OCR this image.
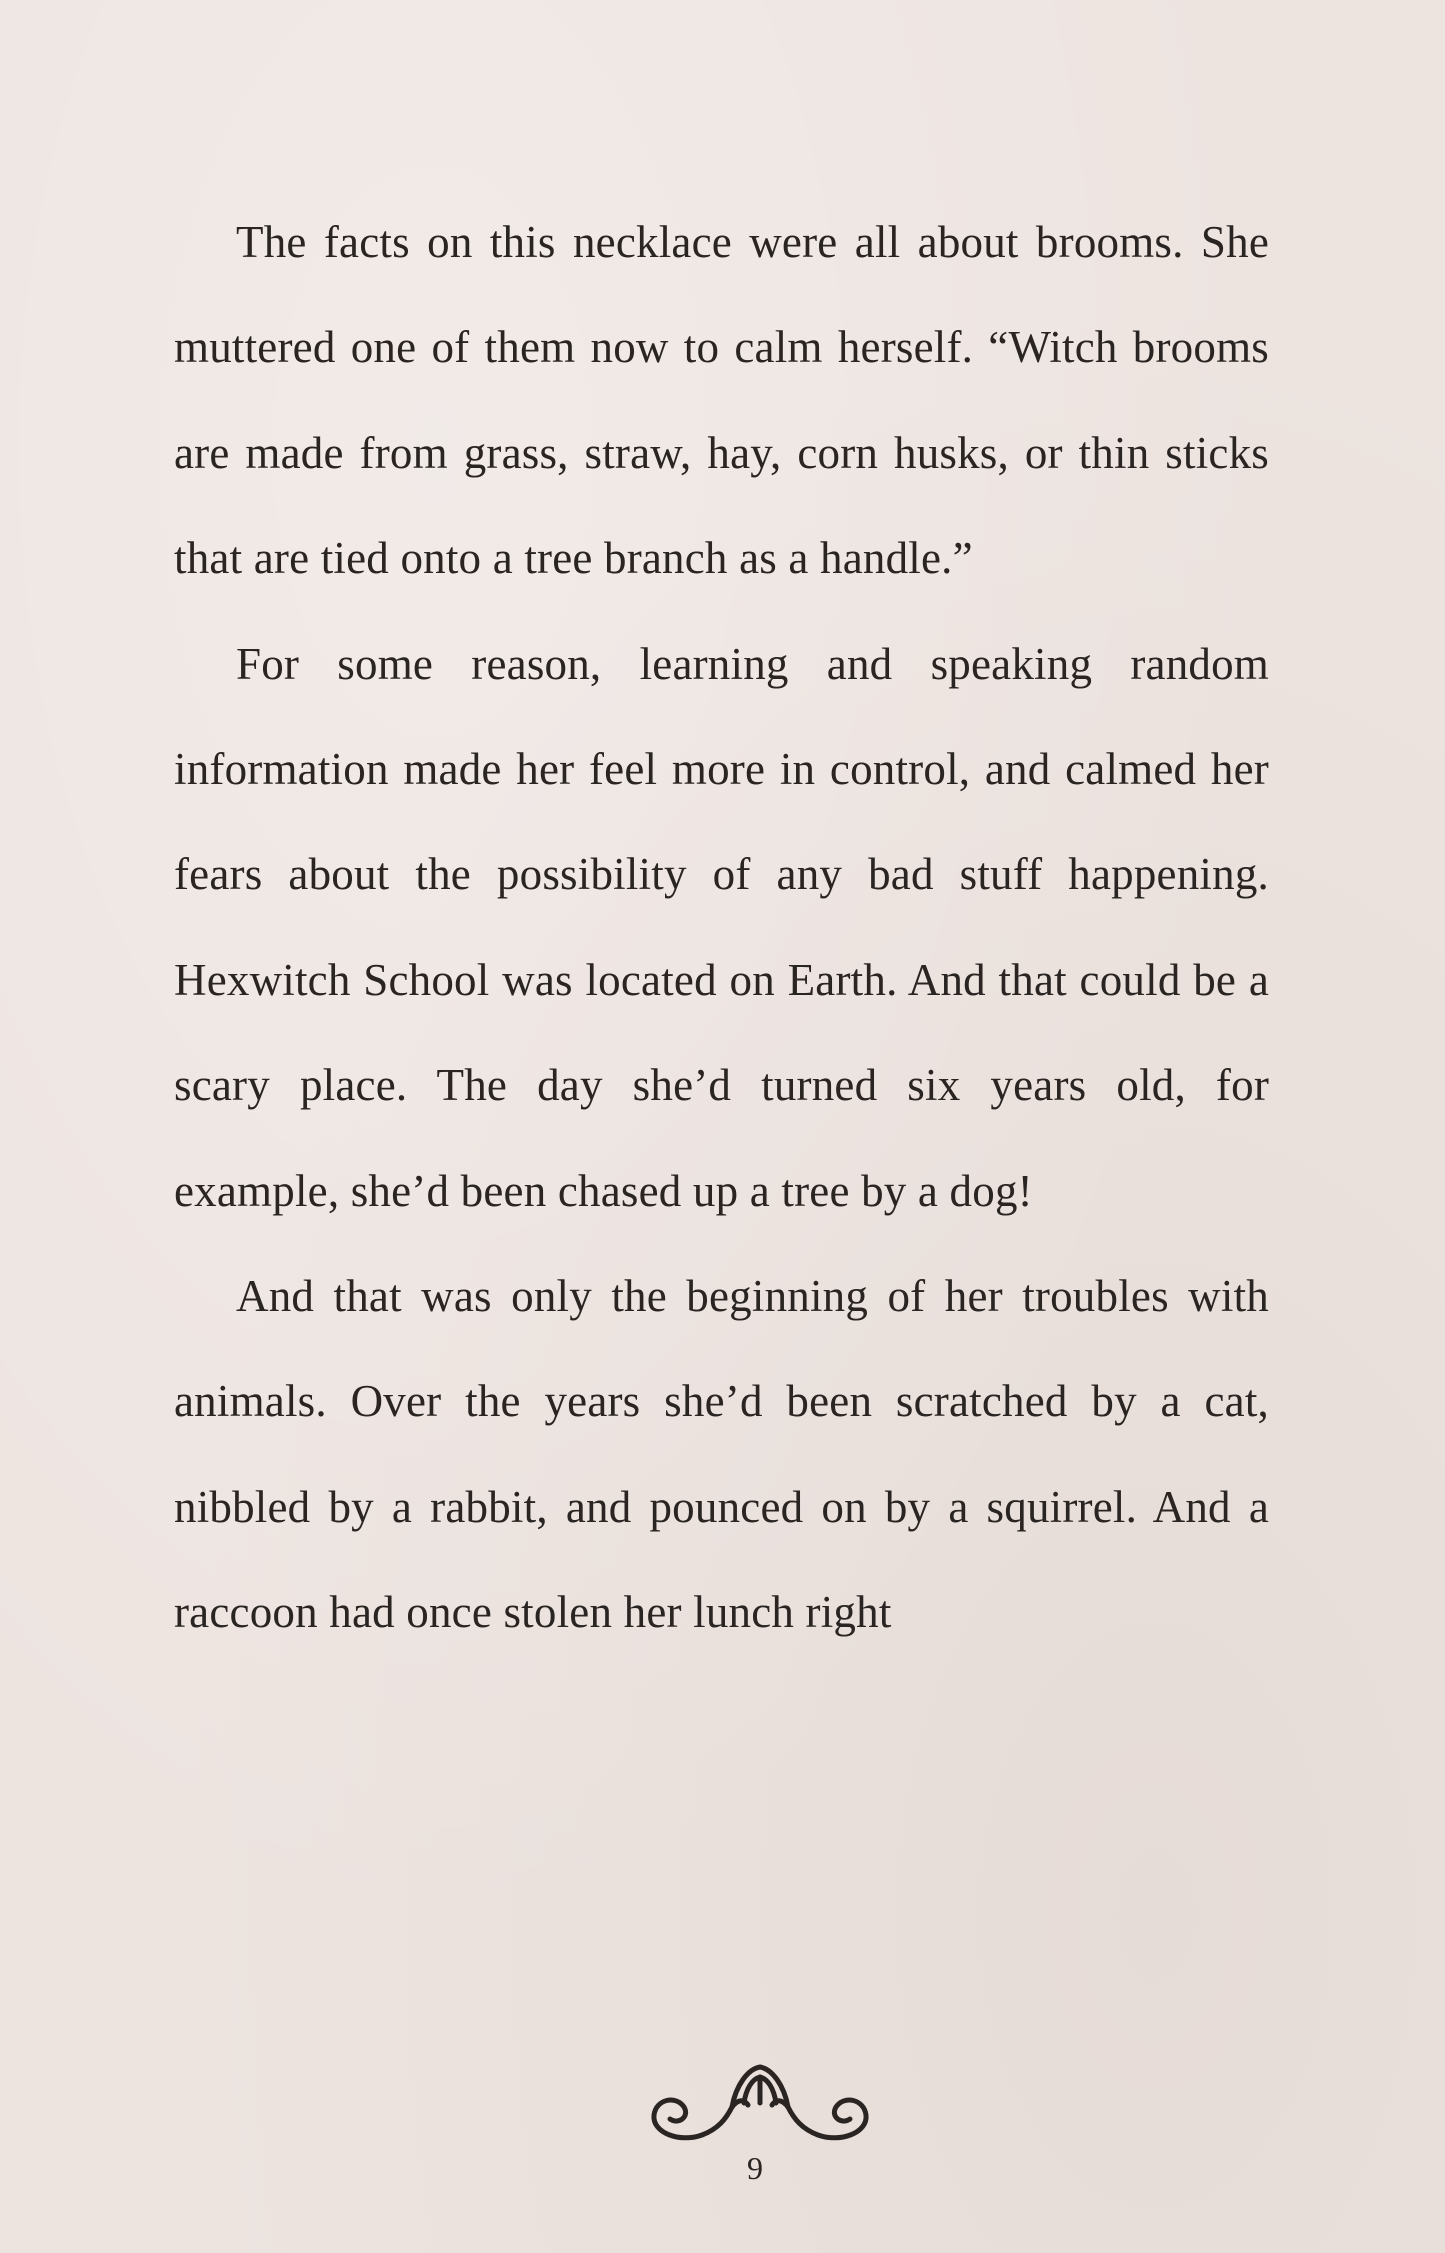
The facts on this necklace were all about brooms. She muttered one of them now to calm herself. “Witch brooms are made from grass, straw, hay, corn husks, or thin sticks that are tied onto a tree branch as a handle.”

For some reason, learning and speaking random information made her feel more in control, and calmed her fears about the possibility of any bad stuff happening. Hexwitch School was located on Earth. And that could be a scary place. The day she’d turned six years old, for example, she’d been chased up a tree by a dog!

And that was only the beginning of her troubles with animals. Over the years she’d been scratched by a cat, nibbled by a rabbit, and pounced on by a squirrel. And a raccoon had once stolen her lunch right

9
